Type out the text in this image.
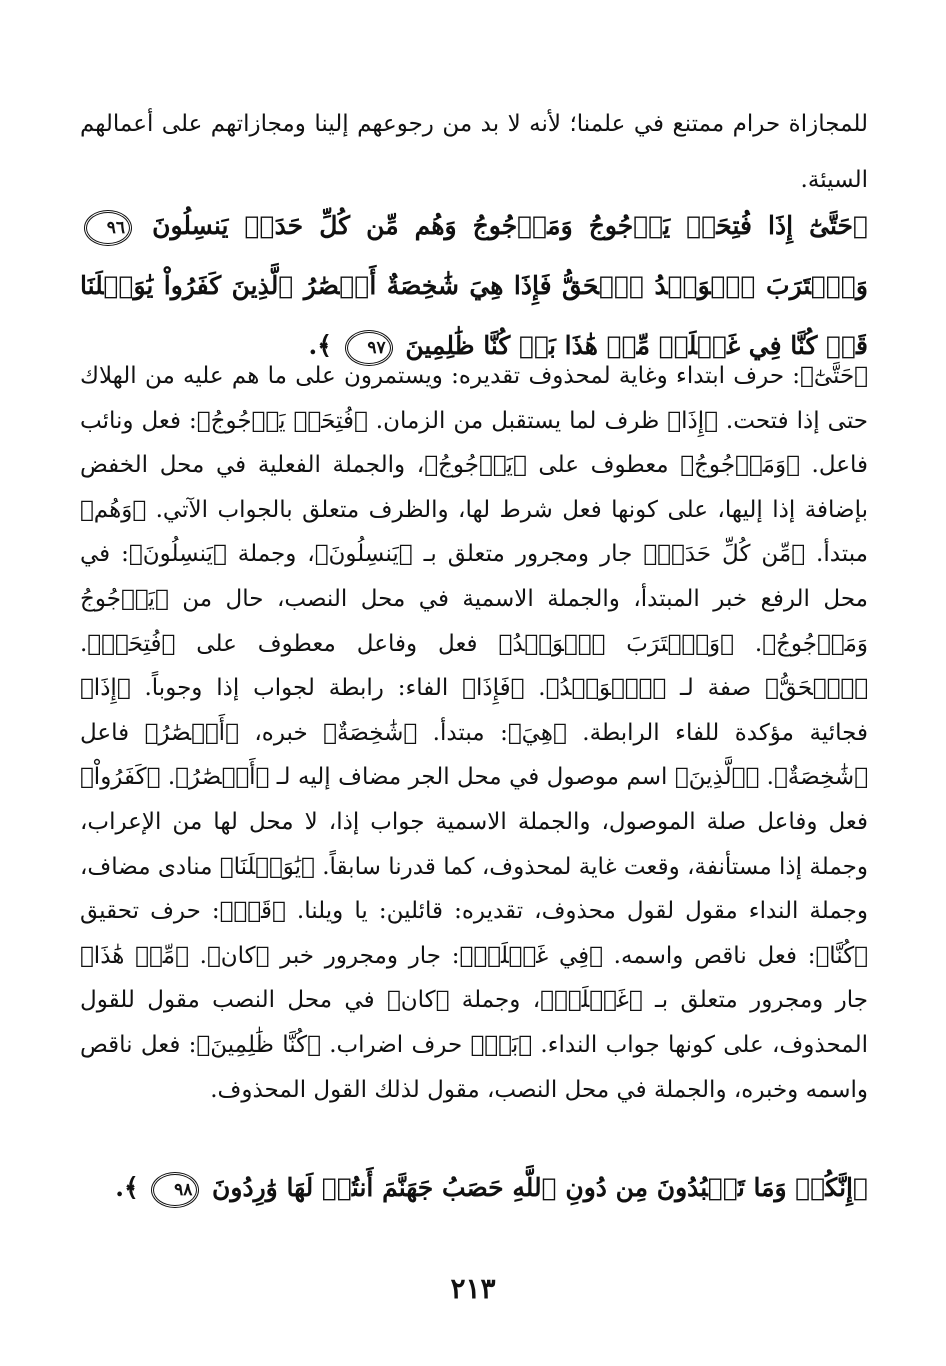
للمجازاة حرام ممتنع في علمنا؛ لأنه لا بد من رجوعهم إلينا ومجازاتهم على أعمالهم السيئة.

﴿حَتَّىٰٓ إِذَا فُتِحَتۡ يَأۡجُوجُ وَمَأۡجُوجُ وَهُم مِّن كُلِّ حَدَبٖ يَنسِلُونَ ٩٦ وَٱقۡتَرَبَ ٱلۡوَعۡدُ ٱلۡحَقُّ فَإِذَا هِيَ شَٰخِصَةٌ أَبۡصَٰرُ ٱلَّذِينَ كَفَرُواْ يَٰوَيۡلَنَا قَدۡ كُنَّا فِي غَفۡلَةٖ مِّنۡ هَٰذَا بَلۡ كُنَّا ظَٰلِمِينَ ٩٧ ﴾.

﴿حَتَّىٰٓ﴾: حرف ابتداء وغاية لمحذوف تقديره: ويستمرون على ما هم عليه من الهلاك حتى إذا فتحت. ﴿إِذَا﴾ ظرف لما يستقبل من الزمان. ﴿فُتِحَتۡ يَأۡجُوجُ﴾: فعل ونائب فاعل. ﴿وَمَأۡجُوجُ﴾ معطوف على ﴿يَأۡجُوجُ﴾، والجملة الفعلية في محل الخفض بإضافة إذا إليها، على كونها فعل شرط لها، والظرف متعلق بالجواب الآتي. ﴿وَهُم﴾ مبتدأ. ﴿مِّن كُلِّ حَدَبٖ﴾ جار ومجرور متعلق بـ ﴿يَنسِلُونَ﴾، وجملة ﴿يَنسِلُونَ﴾: في محل الرفع خبر المبتدأ، والجملة الاسمية في محل النصب، حال من ﴿يَأۡجُوجُ وَمَأۡجُوجُ﴾. ﴿وَٱقۡتَرَبَ ٱلۡوَعۡدُ﴾ فعل وفاعل معطوف على ﴿فُتِحَتۡ﴾. ﴿ٱلۡحَقُّ﴾ صفة لـ ﴿ٱلۡوَعۡدُ﴾. ﴿فَإِذَا﴾ الفاء: رابطة لجواب إذا وجوباً. ﴿إِذَا﴾ فجائية مؤكدة للفاء الرابطة. ﴿هِيَ﴾: مبتدأ. ﴿شَٰخِصَةٌ﴾ خبره، ﴿أَبۡصَٰرُ﴾ فاعل ﴿شَٰخِصَةٌ﴾. ﴿ٱلَّذِينَ﴾ اسم موصول في محل الجر مضاف إليه لـ ﴿أَبۡصَٰرُ﴾. ﴿كَفَرُواْ﴾ فعل وفاعل صلة الموصول، والجملة الاسمية جواب إذا، لا محل لها من الإعراب، وجملة إذا مستأنفة، وقعت غاية لمحذوف، كما قدرنا سابقاً. ﴿يَٰوَيۡلَنَا﴾ منادى مضاف، وجملة النداء مقول لقول محذوف، تقديره: قائلين: يا ويلنا. ﴿قَدۡ﴾: حرف تحقيق ﴿كُنَّا﴾: فعل ناقص واسمه. ﴿فِي غَفۡلَةٖ﴾: جار ومجرور خبر ﴿كان﴾. ﴿مِّنۡ هَٰذَا﴾ جار ومجرور متعلق بـ ﴿غَفۡلَةٖ﴾، وجملة ﴿كان﴾ في محل النصب مقول للقول المحذوف، على كونها جواب النداء. ﴿بَلۡ﴾ حرف اضراب. ﴿كُنَّا ظَٰلِمِينَ﴾: فعل ناقص واسمه وخبره، والجملة في محل النصب، مقول لذلك القول المحذوف.

﴿إِنَّكُمۡ وَمَا تَعۡبُدُونَ مِن دُونِ ٱللَّهِ حَصَبُ جَهَنَّمَ أَنتُمۡ لَهَا وَٰرِدُونَ ٩٨ ﴾.

٢١٣
